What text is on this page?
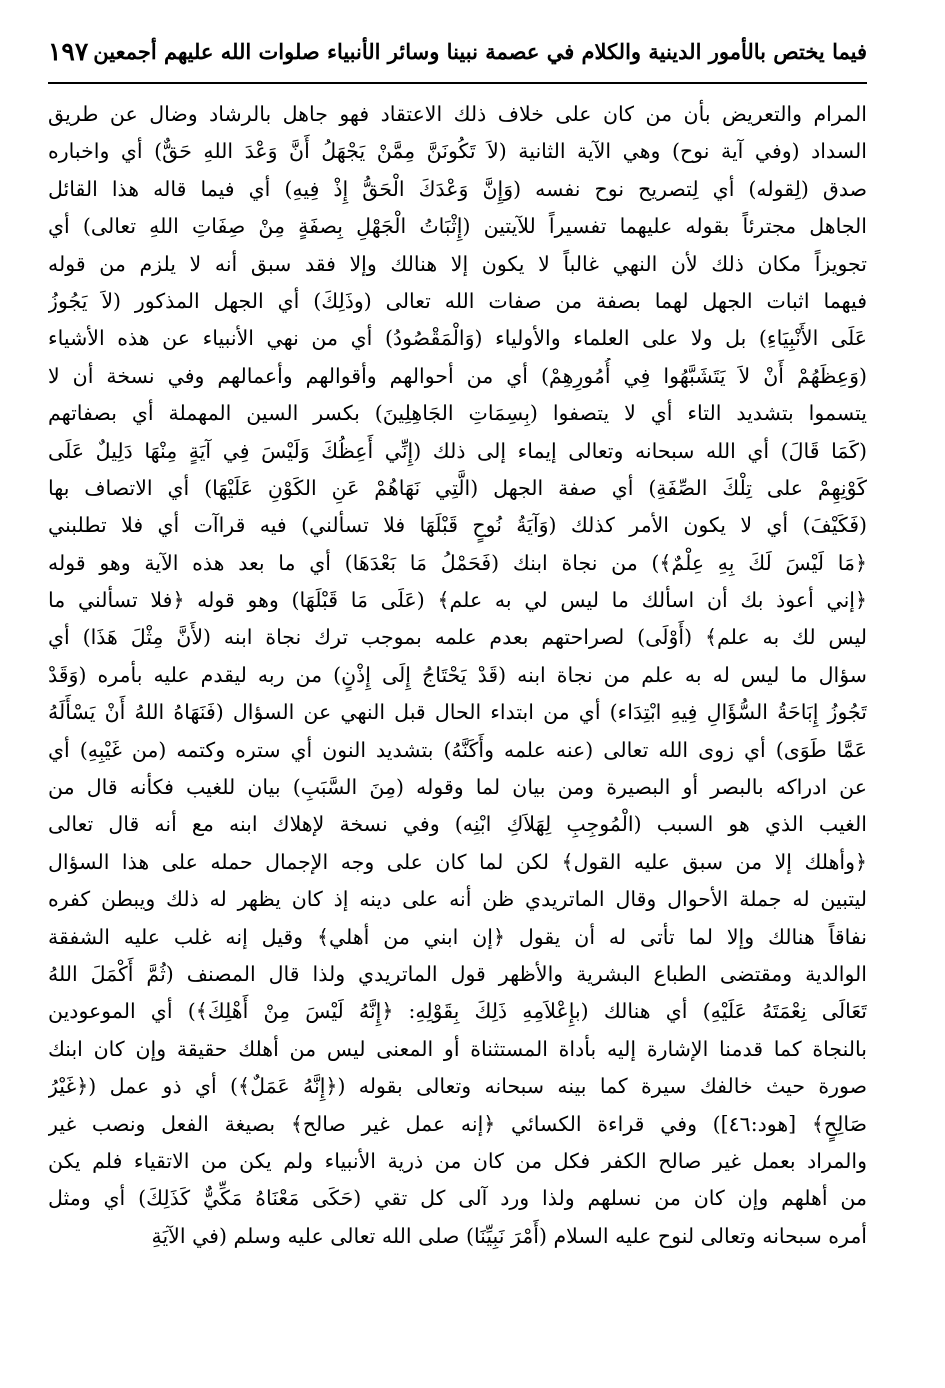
فيما يختص بالأمور الدينية والكلام في عصمة نبينا وسائر الأنبياء صلوات الله عليهم أجمعين
١٩٧
المرام والتعريض بأن من كان على خلاف ذلك الاعتقاد فهو جاهل بالرشاد وضال عن طريق
السداد (وفي آية نوح) وهي الآية الثانية (لاَ تَكُونَنَّ مِمَّنْ يَجْهَلُ أَنَّ وَعْدَ اللهِ حَقٌّ) أي واخباره
صدق (لِقوله) أي لِتصريح نوح نفسه (وَإِنَّ وَعْدَكَ الْحَقُّ إِذْ فِيهِ) أي فيما قاله هذا القائل
الجاهل مجترئاً بقوله عليهما تفسيراً للآيتين (إِثْبَاتُ الْجَهْلِ بِصفَةٍ مِنْ صِفَاتِ اللهِ تعالى) أي
تجويزاً مكان ذلك لأن النهي غالباً لا يكون إلا هنالك وإلا فقد سبق أنه لا يلزم من قوله
فيهما اثبات الجهل لهما بصفة من صفات الله تعالى (وذَلِكَ) أي الجهل المذكور (لاَ يَجُوزُ
عَلَى الأَنْبِيَاءِ) بل ولا على العلماء والأولياء (وَالْمَقْصُودُ) أي من نهي الأنبياء عن هذه الأشياء
(وَعِظَهُمْ أَنْ لاَ يَتَشَبَّهُوا فِي أُمُورِهِمْ) أي من أحوالهم وأقوالهم وأعمالهم وفي نسخة أن لا
يتسموا بتشديد التاء أي لا يتصفوا (بِسِمَاتِ الجَاهِلِينَ) بكسر السين المهملة أي بصفاتهم
(كَمَا قَالَ) أي الله سبحانه وتعالى إيماء إلى ذلك (إِنِّي أَعِظُكَ وَلَيْسَ فِي آيَةٍ مِنْهَا دَلِيلٌ عَلَى
كَوْنِهِمْ على تِلْكَ الصِّفَةِ) أي صفة الجهل (الَّتِي نَهَاهُمْ عَنِ الكَوْنِ عَلَيْهَا) أي الاتصاف بها
(فَكَيْفَ) أي لا يكون الأمر كذلك (وَآيَةُ نُوحٍ قَبْلَهَا فلا تسألني) فيه قراآت أي فلا تطلبني
﴿مَا لَيْسَ لَكَ بِهِ عِلْمٌ﴾) من نجاة ابنك (فَحَمْلُ مَا بَعْدَهَا) أي ما بعد هذه الآية وهو قوله
﴿إني أعوذ بك أن اسألك ما ليس لي به علم﴾ (عَلَى مَا قَبْلَهَا) وهو قوله ﴿فلا تسألني ما
ليس لك به علم﴾ (أَوْلَى) لصراحتهم بعدم علمه بموجب ترك نجاة ابنه (لأَنَّ مِثْلَ هَذَا) أي
سؤال ما ليس له به علم من نجاة ابنه (قَدْ يَحْتَاجُ إِلَى إِذْنٍ) من ربه ليقدم عليه بأمره (وَقَدْ
تَجُوزُ إِبَاحَةُ السُّؤَالِ فِيهِ ابْتِدَاء) أي من ابتداء الحال قبل النهي عن السؤال (فَنَهَاهُ اللهُ أَنْ يَسْأَلَهُ
عَمَّا طَوَى) أي زوى الله تعالى (عنه علمه وأَكَنَّهُ) بتشديد النون أي ستره وكتمه (من غَيْبِهِ) أي
عن ادراكه بالبصر أو البصيرة ومن بيان لما وقوله (مِنَ السَّبَبِ) بيان للغيب فكأنه قال من
الغيب الذي هو السبب (الْمُوجِبِ لِهَلاَكِ ابْنِه) وفي نسخة لإهلاك ابنه مع أنه قال تعالى
﴿وأهلك إلا من سبق عليه القول﴾ لكن لما كان على وجه الإجمال حمله على هذا السؤال
ليتبين له جملة الأحوال وقال الماتريدي ظن أنه على دينه إذ كان يظهر له ذلك ويبطن كفره
نفاقاً هنالك وإلا لما تأتى له أن يقول ﴿إن ابني من أهلي﴾ وقيل إنه غلب عليه الشفقة
الوالدية ومقتضى الطباع البشرية والأظهر قول الماتريدي ولذا قال المصنف (ثُمَّ أَكْمَلَ اللهُ
تَعَالَى نِعْمَتَهُ عَلَيْهِ) أي هنالك (بإِعْلاَمِهِ ذَلِكَ بِقَوْلِهِ: ﴿إِنَّهُ لَيْسَ مِنْ أَهْلِكَ﴾) أي الموعودين
بالنجاة كما قدمنا الإشارة إليه بأداة المستثناة أو المعنى ليس من أهلك حقيقة وإن كان ابنك
صورة حيث خالفك سيرة كما بينه سبحانه وتعالى بقوله (﴿إِنَّهُ عَمَلٌ﴾) أي ذو عمل (﴿غَيْرُ
صَالِحٍ﴾ [هود:٤٦]) وفي قراءة الكسائي ﴿إنه عمل غير صالح﴾ بصيغة الفعل ونصب غير
والمراد بعمل غير صالح الكفر فكل من كان من ذرية الأنبياء ولم يكن من الاتقياء فلم يكن
من أهلهم وإن كان من نسلهم ولذا ورد آلى كل تقي (حَكَى مَعْنَاهُ مَكِّيٌّ كَذَلِكَ) أي ومثل
أمره سبحانه وتعالى لنوح عليه السلام (أَمْرَ نَبِيِّنَا) صلى الله تعالى عليه وسلم (في الآيَةِ
